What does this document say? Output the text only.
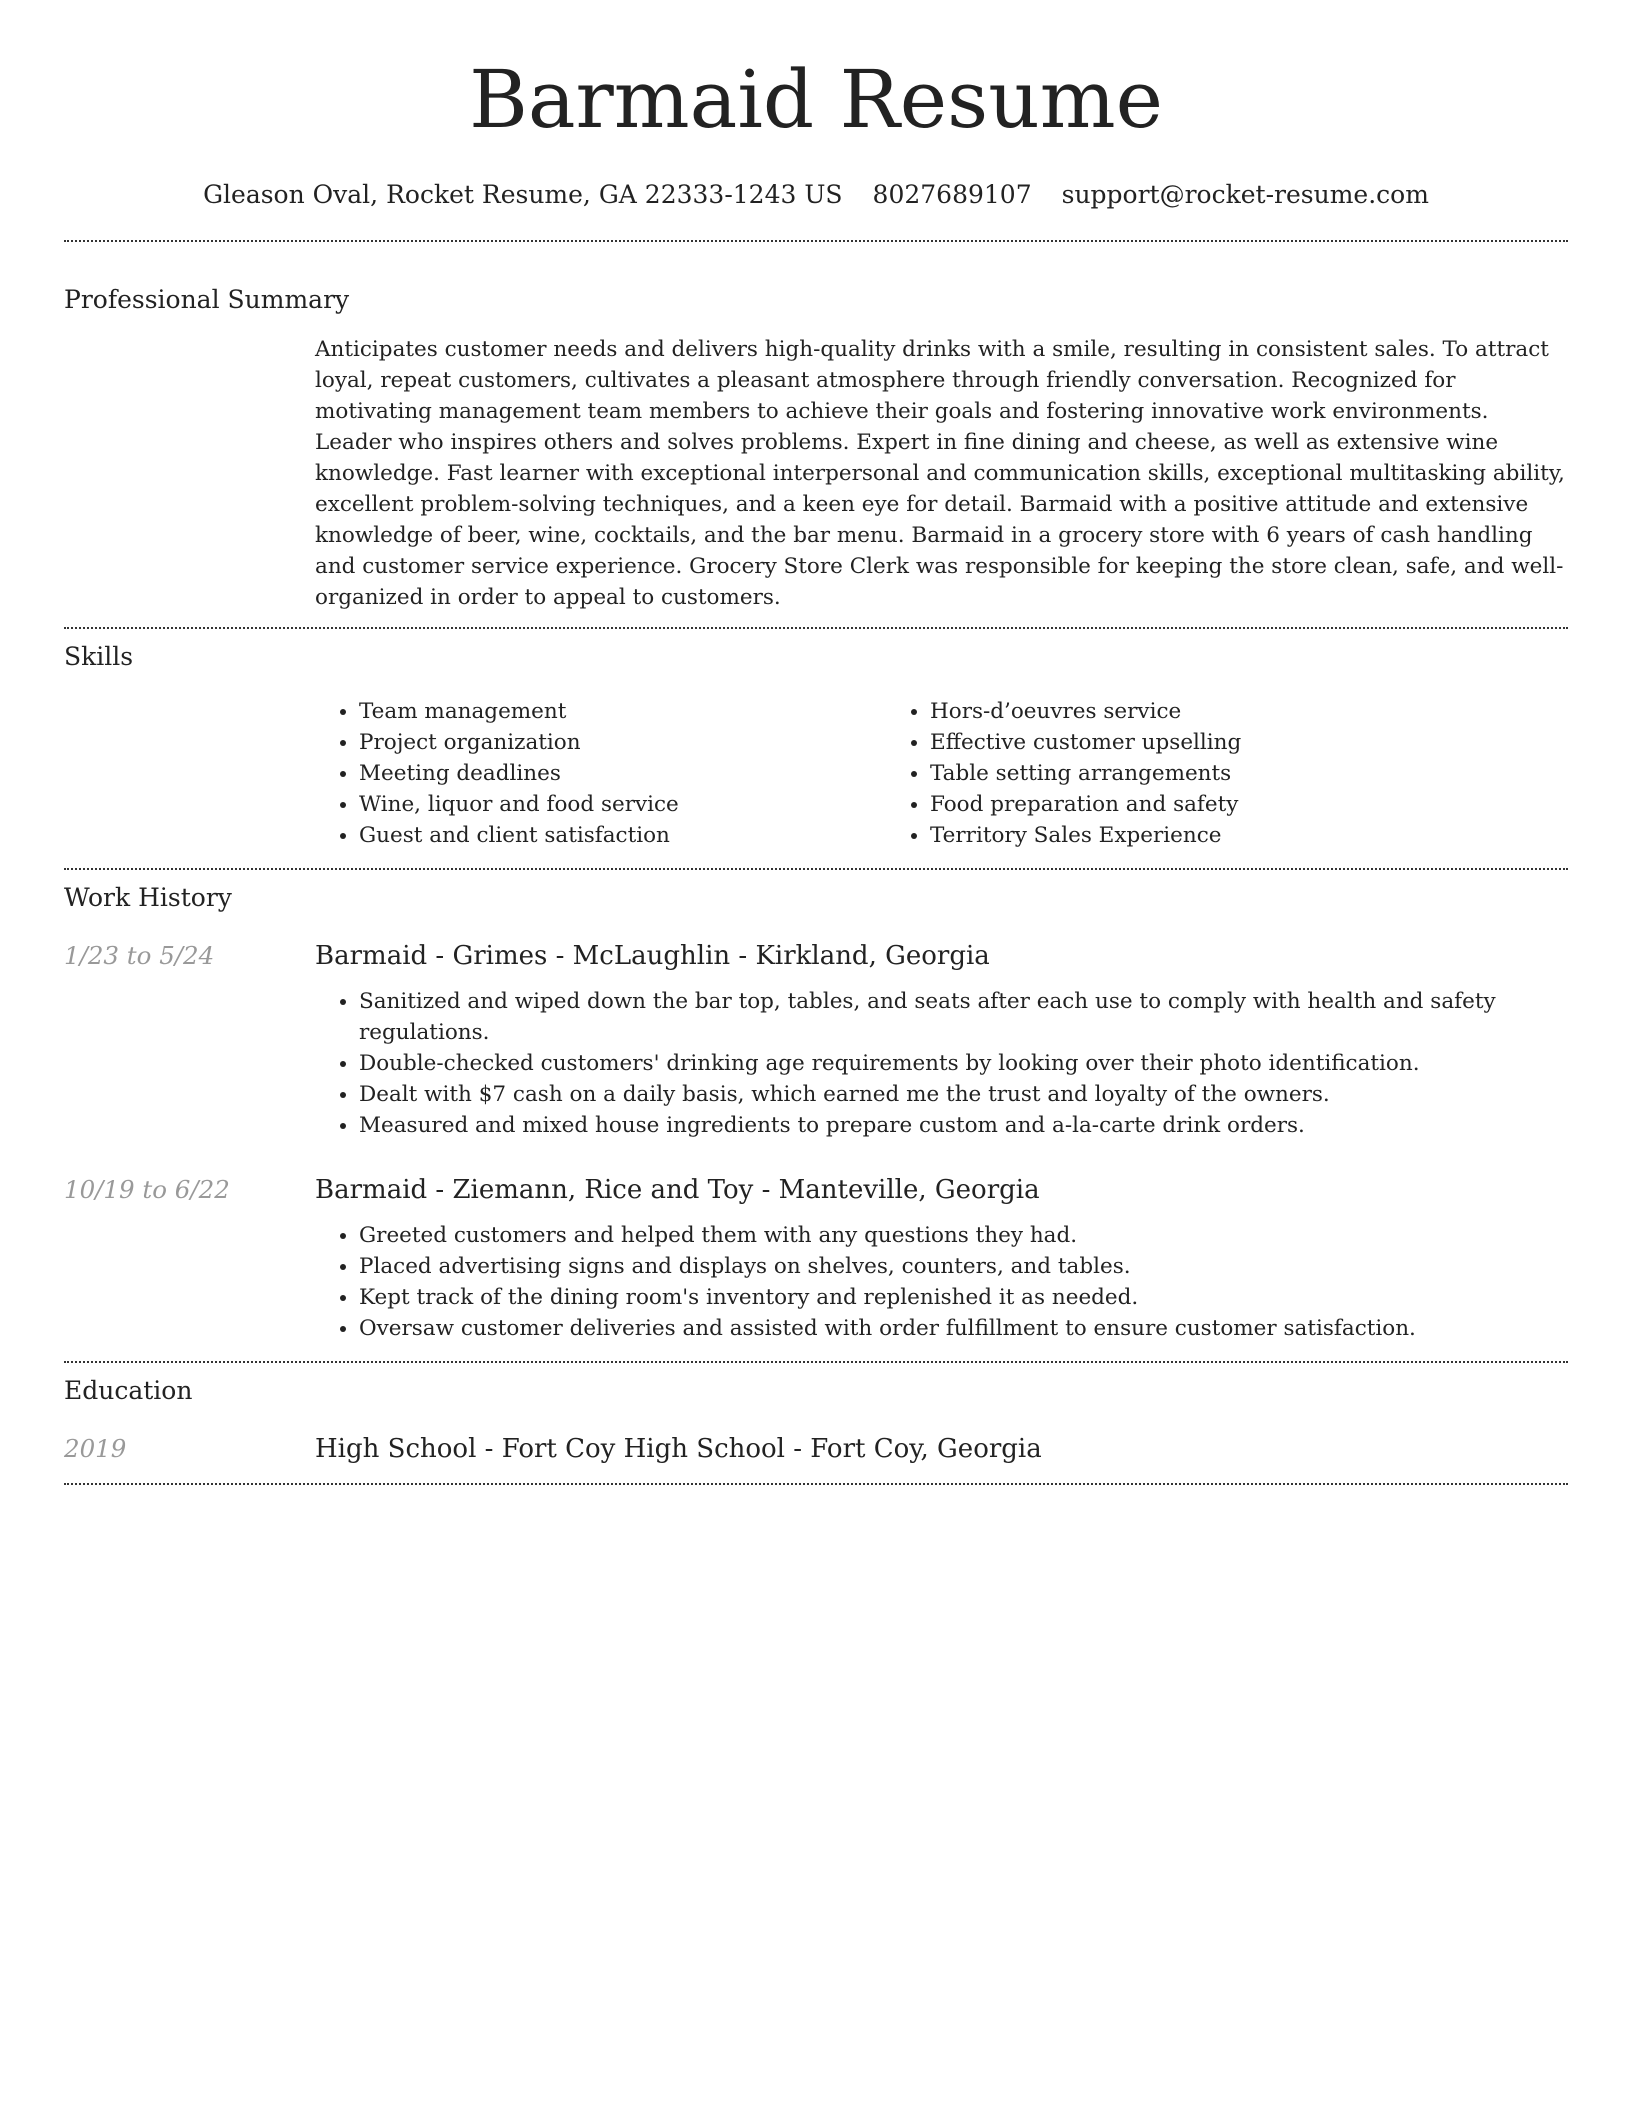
Barmaid Resume
Gleason Oval, Rocket Resume, GA 22333-1243 US 8027689107 support@rocket-resume.com
Professional Summary

Anticipates customer needs and delivers high-quality drinks with a smile, resulting in consistent sales. To attract loyal, repeat customers, cultivates a pleasant atmosphere through friendly conversation. Recognized for motivating management team members to achieve their goals and fostering innovative work environments. Leader who inspires others and solves problems. Expert in fine dining and cheese, as well as extensive wine knowledge. Fast learner with exceptional interpersonal and communication skills, exceptional multitasking ability, excellent problem-solving techniques, and a keen eye for detail. Barmaid with a positive attitude and extensive knowledge of beer, wine, cocktails, and the bar menu. Barmaid in a grocery store with 6 years of cash handling and customer service experience. Grocery Store Clerk was responsible for keeping the store clean, safe, and well-organized in order to appeal to customers.

Skills
• Team management
• Project organization
• Meeting deadlines
• Wine, liquor and food service
• Guest and client satisfaction
• Hors-d’oeuvres service
• Effective customer upselling
• Table setting arrangements
• Food preparation and safety
• Territory Sales Experience
Work History
1/23 to 5/24	Barmaid - Grimes - McLaughlin - Kirkland, Georgia
• Sanitized and wiped down the bar top, tables, and seats after each use to comply with health and safety regulations.
• Double-checked customers' drinking age requirements by looking over their photo identification.
• Dealt with $7 cash on a daily basis, which earned me the trust and loyalty of the owners.
• Measured and mixed house ingredients to prepare custom and a-la-carte drink orders.
10/19 to 6/22	Barmaid - Ziemann, Rice and Toy - Manteville, Georgia
• Greeted customers and helped them with any questions they had.
• Placed advertising signs and displays on shelves, counters, and tables.
• Kept track of the dining room's inventory and replenished it as needed.
• Oversaw customer deliveries and assisted with order fulfillment to ensure customer satisfaction.
Education
2019	High School - Fort Coy High School - Fort Coy, Georgia
